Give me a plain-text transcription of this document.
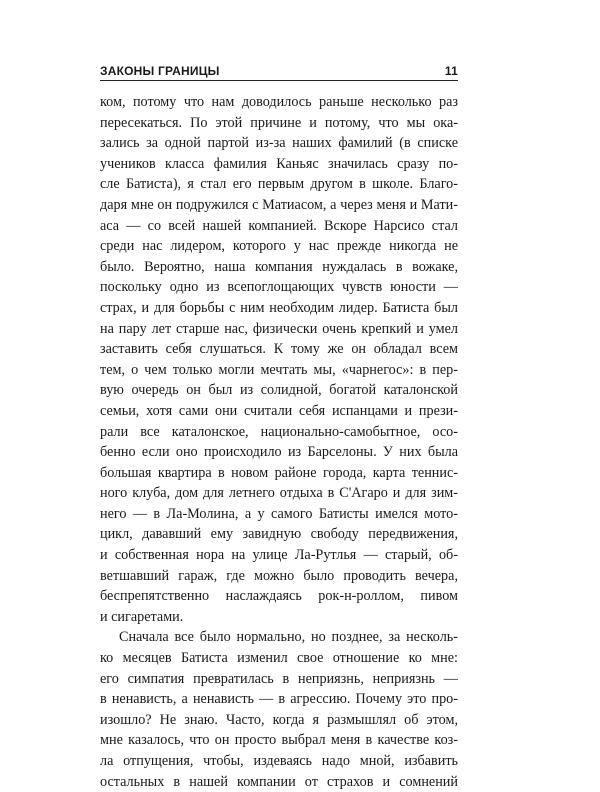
ЗАКОНЫ ГРАНИЦЫ	11
ком, потому что нам доводилось раньше несколько раз
пересекаться. По этой причине и потому, что мы ока-
зались за одной партой из-за наших фамилий (в списке
учеников класса фамилия Каньяс значилась сразу по-
сле Батиста), я стал его первым другом в школе. Благо-
даря мне он подружился с Матиасом, а через меня и Мати-
аса — со всей нашей компанией. Вскоре Нарсисо стал
среди нас лидером, которого у нас прежде никогда не
было. Вероятно, наша компания нуждалась в вожаке,
поскольку одно из всепоглощающих чувств юности —
страх, и для борьбы с ним необходим лидер. Батиста был
на пару лет старше нас, физически очень крепкий и умел
заставить себя слушаться. К тому же он обладал всем
тем, о чем только могли мечтать мы, «чарнегос»: в пер-
вую очередь он был из солидной, богатой каталонской
семьи, хотя сами они считали себя испанцами и прези-
рали все каталонское, национально-самобытное, осо-
бенно если оно происходило из Барселоны. У них была
большая квартира в новом районе города, карта теннис-
ного клуба, дом для летнего отдыха в С'Агаро и для зим-
него — в Ла-Молина, а у самого Батисты имелся мото-
цикл, дававший ему завидную свободу передвижения,
и собственная нора на улице Ла-Рутлья — старый, об-
ветшавший гараж, где можно было проводить вечера,
беспрепятственно наслаждаясь рок-н-роллом, пивом
и сигаретами.
Сначала все было нормально, но позднее, за несколь-
ко месяцев Батиста изменил свое отношение ко мне:
его симпатия превратилась в неприязнь, неприязнь —
в ненависть, а ненависть — в агрессию. Почему это про-
изошло? Не знаю. Часто, когда я размышлял об этом,
мне казалось, что он просто выбрал меня в качестве коз-
ла отпущения, чтобы, издеваясь надо мной, избавить
остальных в нашей компании от страхов и сомнений
